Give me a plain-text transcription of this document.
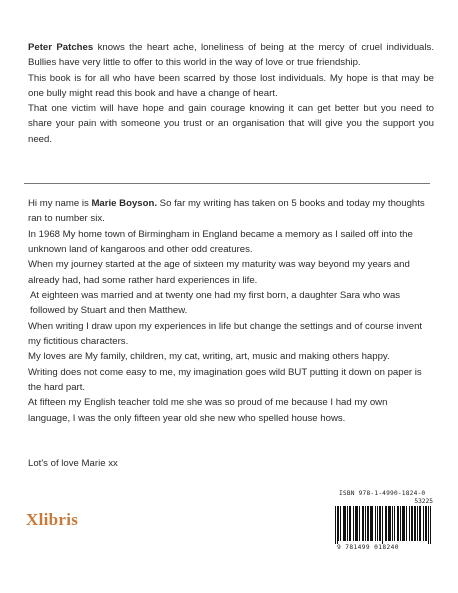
Peter Patches knows the heart ache, loneliness of being at the mercy of cruel individuals. Bullies have very little to offer to this world in the way of love or true friendship.

This book is for all who have been scarred by those lost individuals. My hope is that may be one bully might read this book and have a change of heart.

That one victim will have hope and gain courage knowing it can get better but you need to share your pain with someone you trust or an organisation that will give you the support you need.

Hi my name is Marie Boyson. So far my writing has taken on 5 books and today my thoughts ran to number six.

In 1968 My home town of Birmingham in England became a memory as I sailed off into the unknown land of kangaroos and other odd creatures.

When my journey started at the age of sixteen my maturity was way beyond my years and already had, had some rather hard experiences in life.

At eighteen was married and at twenty one had my first born, a daughter Sara who was followed by Stuart and then Matthew.

When writing I draw upon my experiences in life but change the settings and of course invent my fictitious characters.

My loves are My family, children, my cat, writing, art, music and making others happy.

Writing does not come easy to me, my imagination goes wild BUT putting it down on paper is the hard part.

At fifteen my English teacher told me she was so proud of me because I had my own language, I was the only fifteen year old she new who spelled house hows.

Lot's of love Marie xx
Xlibris
ISBN 978-1-4990-1824-0
53225
9 781499 018240
